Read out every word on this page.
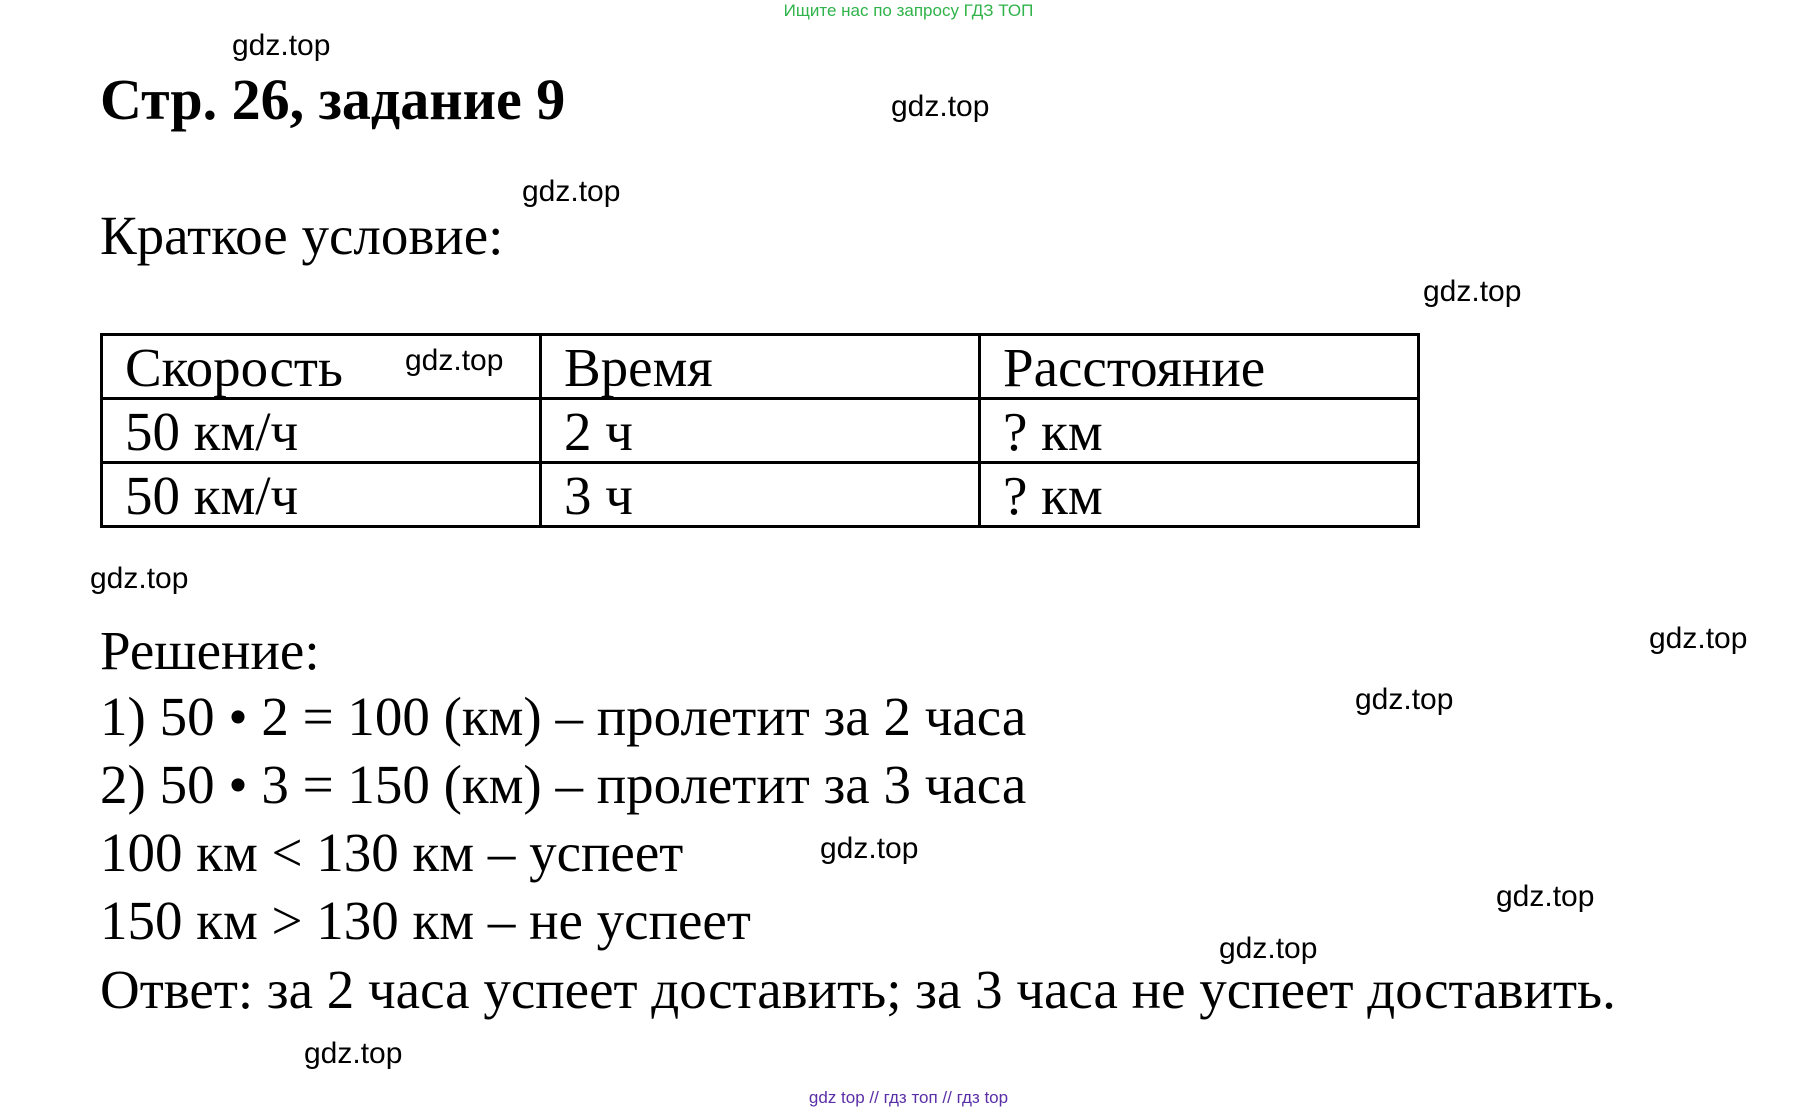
Ищите нас по запросу ГДЗ ТОП
Стр. 26, задание 9
Краткое условие:
Скорость	Время	Расстояние
50 км/ч	2 ч	? км
50 км/ч	3 ч	? км
Решение:
1) 50 • 2 = 100 (км) – пролетит за 2 часа
2) 50 • 3 = 150 (км) – пролетит за 3 часа
100 км < 130 км – успеет
150 км > 130 км – не успеет
Ответ: за 2 часа успеет доставить; за 3 часа не успеет доставить.
gdz.top
gdz.top
gdz.top
gdz.top
gdz.top
gdz.top
gdz.top
gdz.top
gdz.top
gdz.top
gdz.top
gdz.top
gdz top // гдз топ // гдз top
